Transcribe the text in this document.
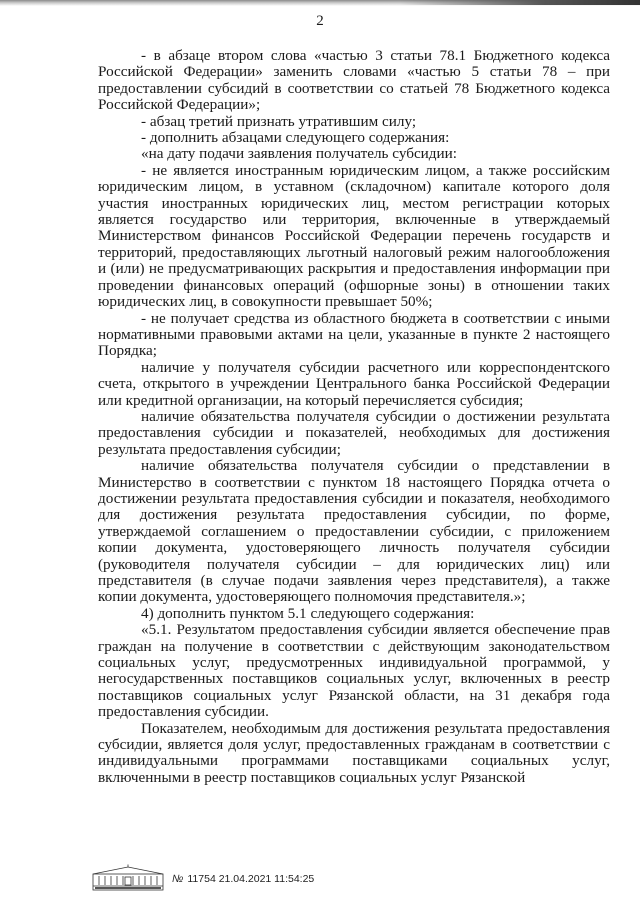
2

- в абзаце втором слова «частью 3 статьи 78.1 Бюджетного кодекса Российской Федерации» заменить словами «частью 5 статьи 78 – при предоставлении субсидий в соответствии со статьей 78 Бюджетного кодекса Российской Федерации»;

- абзац третий признать утратившим силу;

- дополнить абзацами следующего содержания:

«на дату подачи заявления получатель субсидии:

- не является иностранным юридическим лицом, а также российским юридическим лицом, в уставном (складочном) капитале которого доля участия иностранных юридических лиц, местом регистрации которых является государство или территория, включенные в утверждаемый Министерством финансов Российской Федерации перечень государств и территорий, предоставляющих льготный налоговый режим налогообложения и (или) не предусматривающих раскрытия и предоставления информации при проведении финансовых операций (офшорные зоны) в отношении таких юридических лиц, в совокупности превышает 50%;

- не получает средства из областного бюджета в соответствии с иными нормативными правовыми актами на цели, указанные в пункте 2 настоящего Порядка;

наличие у получателя субсидии расчетного или корреспондентского счета, открытого в учреждении Центрального банка Российской Федерации или кредитной организации, на который перечисляется субсидия;

наличие обязательства получателя субсидии о достижении результата предоставления субсидии и показателей, необходимых для достижения результата предоставления субсидии;

наличие обязательства получателя субсидии о представлении в Министерство в соответствии с пунктом 18 настоящего Порядка отчета о достижении результата предоставления субсидии и показателя, необходимого для достижения результата предоставления субсидии, по форме, утверждаемой соглашением о предоставлении субсидии, с приложением копии документа, удостоверяющего личность получателя субсидии (руководителя получателя субсидии – для юридических лиц) или представителя (в случае подачи заявления через представителя), а также копии документа, удостоверяющего полномочия представителя.»;

4) дополнить пунктом 5.1 следующего содержания:

«5.1. Результатом предоставления субсидии является обеспечение прав граждан на получение в соответствии с действующим законодательством социальных услуг, предусмотренных индивидуальной программой, у негосударственных поставщиков социальных услуг, включенных в реестр поставщиков социальных услуг Рязанской области, на 31 декабря года предоставления субсидии.

Показателем, необходимым для достижения результата предоставления субсидии, является доля услуг, предоставленных гражданам в соответствии с индивидуальными программами поставщиками социальных услуг, включенными в реестр поставщиков социальных услуг Рязанской

№ 11754 21.04.2021 11:54:25
